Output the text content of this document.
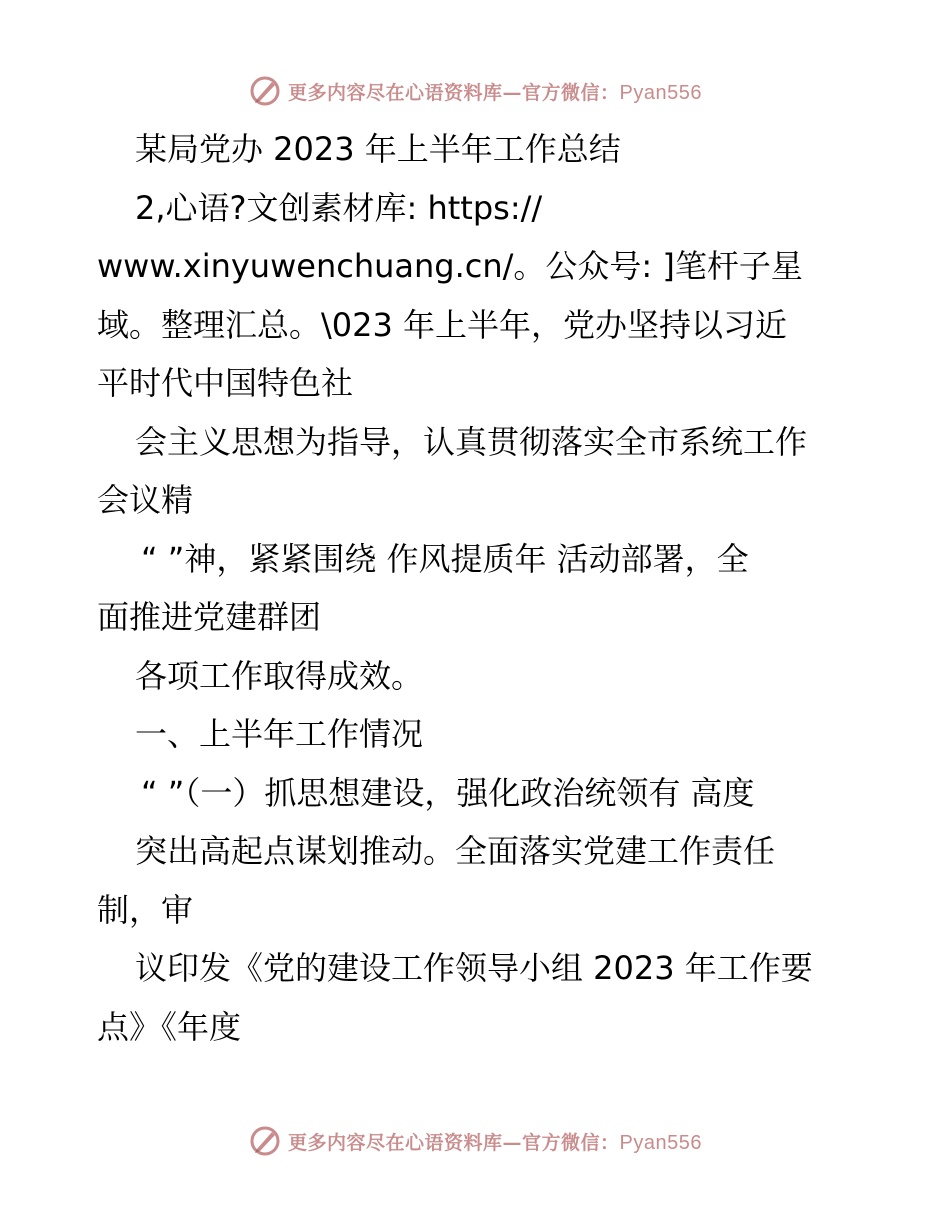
更多内容尽在心语资料库—官方微信：Pyan556
某局党办 2023 年上半年工作总结
2,心语?文创素材库: https://
www.xinyuwenchuang.cn/。公众号: ]笔杆子星
域。整理汇总。\023 年上半年，党办坚持以习近
平时代中国特色社
会主义思想为指导，认真贯彻落实全市系统工作
会议精
“ ”神，紧紧围绕 作风提质年 活动部署，全
面推进党建群团
各项工作取得成效。
一、上半年工作情况
“ ”（一）抓思想建设，强化政治统领有 高度
突出高起点谋划推动。全面落实党建工作责任
制，审
议印发《党的建设工作领导小组 2023 年工作要
点》《年度
更多内容尽在心语资料库—官方微信：Pyan556
